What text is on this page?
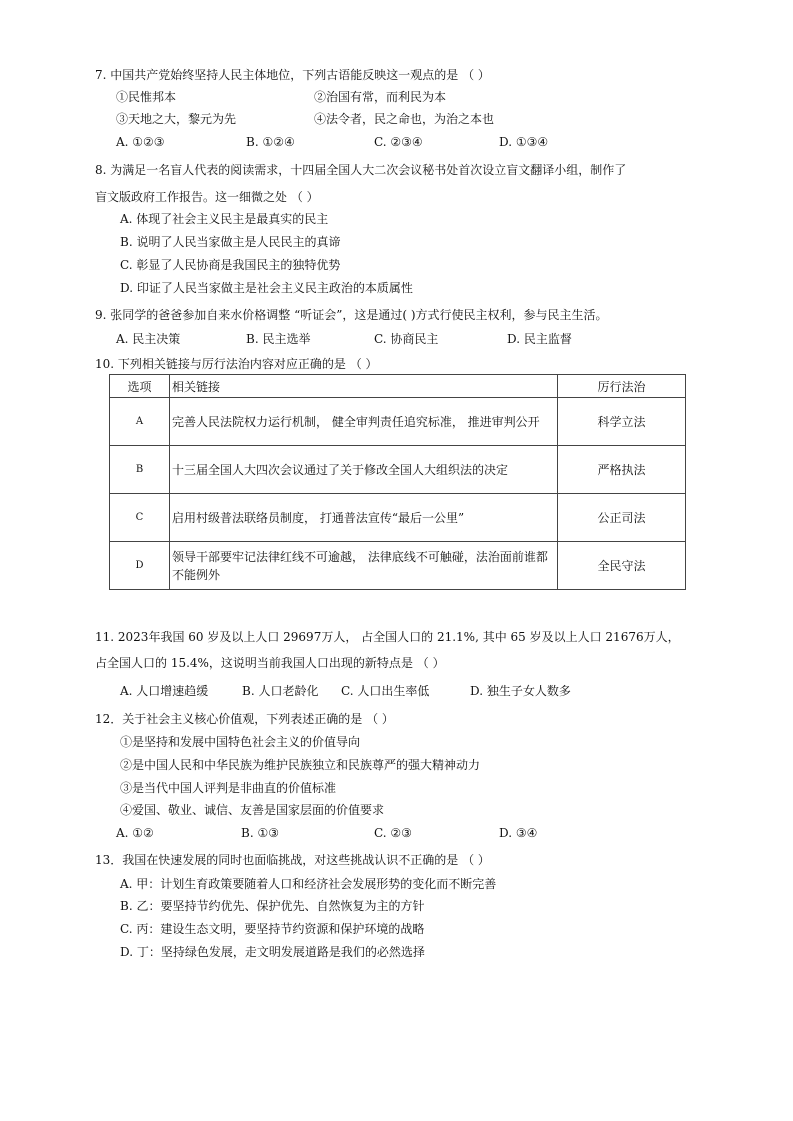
7. 中国共产党始终坚持人民主体地位，下列古语能反映这一观点的是 （ ）
①民惟邦本	②治国有常，而利民为本
③天地之大，黎元为先	④法令者，民之命也，为治之本也
A. ①②③	B. ①②④	C. ②③④	D. ①③④
8. 为满足一名盲人代表的阅读需求，十四届全国人大二次会议秘书处首次设立盲文翻译小组，制作了
盲文版政府工作报告。这一细微之处 （ ）
A. 体现了社会主义民主是最真实的民主
B. 说明了人民当家做主是人民民主的真谛
C. 彰显了人民协商是我国民主的独特优势
D. 印证了人民当家做主是社会主义民主政治的本质属性
9. 张同学的爸爸参加自来水价格调整 “听证会”，这是通过( )方式行使民主权利，参与民主生活。
A. 民主决策	B. 民主选举	C. 协商民主	D. 民主监督
10. 下列相关链接与厉行法治内容对应正确的是 （ ）
选项	相关链接	厉行法治
A	完善人民法院权力运行机制， 健全审判责任追究标准， 推进审判公开	科学立法
B	十三届全国人大四次会议通过了关于修改全国人大组织法的决定	严格执法
C	启用村级普法联络员制度， 打通普法宣传“最后一公里”	公正司法
D	领导干部要牢记法律红线不可逾越， 法律底线不可触碰，法治面前谁都不能例外	全民守法
11. 2023年我国 60 岁及以上人口 29697万人， 占全国人口的 21.1%, 其中 65 岁及以上人口 21676万人，
占全国人口的 15.4%，这说明当前我国人口出现的新特点是 （ ）
A. 人口增速趋缓	B. 人口老龄化 C. 人口出生率低	D. 独生子女人数多
12．关于社会主义核心价值观，下列表述正确的是 （ ）
①是坚持和发展中国特色社会主义的价值导向
②是中国人民和中华民族为维护民族独立和民族尊严的强大精神动力
③是当代中国人评判是非曲直的价值标准
④爱国、敬业、诚信、友善是国家层面的价值要求
A. ①②	B. ①③	C. ②③	D. ③④
13．我国在快速发展的同时也面临挑战，对这些挑战认识不正确的是 （ ）
A. 甲：计划生育政策要随着人口和经济社会发展形势的变化而不断完善
B. 乙：要坚持节约优先、保护优先、自然恢复为主的方针
C. 丙：建设生态文明，要坚持节约资源和保护环境的战略
D. 丁：坚持绿色发展，走文明发展道路是我们的必然选择
